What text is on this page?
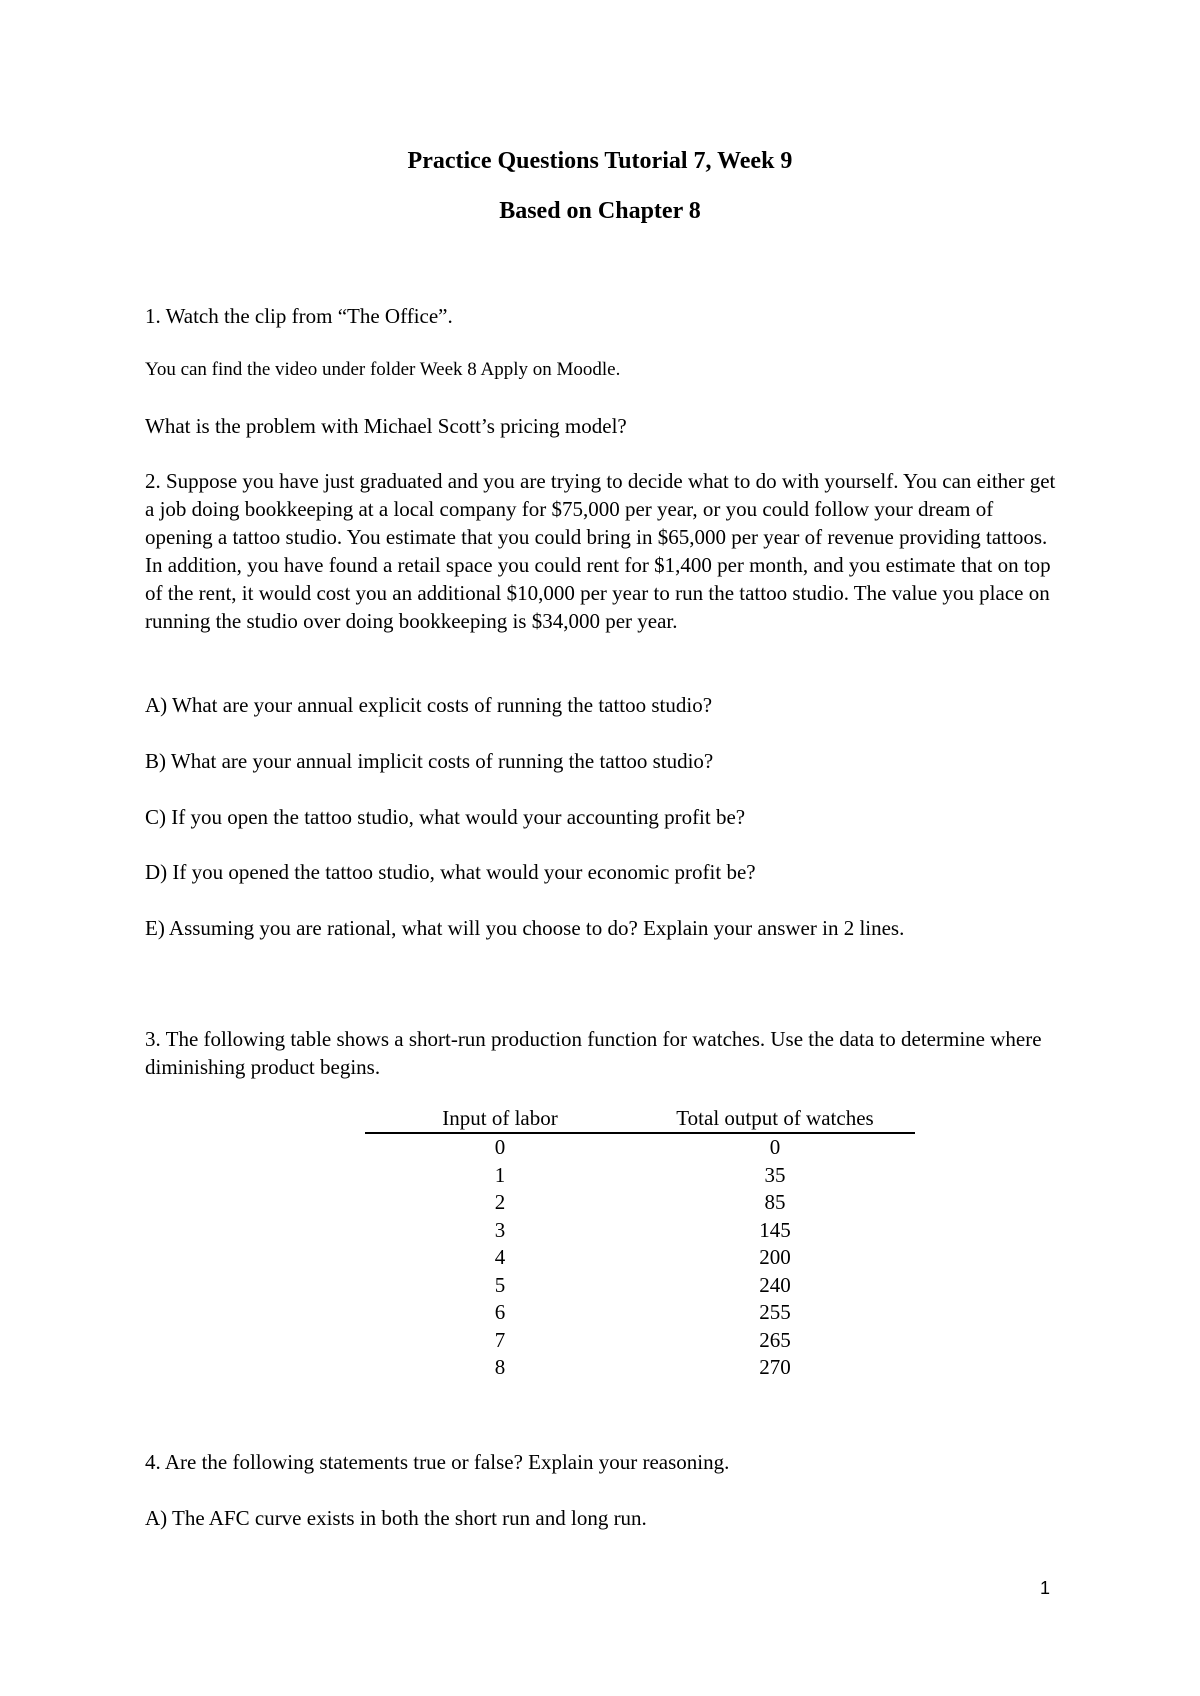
Practice Questions Tutorial 7, Week 9
Based on Chapter 8

1. Watch the clip from “The Office”.

You can find the video under folder Week 8 Apply on Moodle.

What is the problem with Michael Scott’s pricing model?

2. Suppose you have just graduated and you are trying to decide what to do with yourself. You can either get a job doing bookkeeping at a local company for $75,000 per year, or you could follow your dream of opening a tattoo studio. You estimate that you could bring in $65,000 per year of revenue providing tattoos. In addition, you have found a retail space you could rent for $1,400 per month, and you estimate that on top of the rent, it would cost you an additional $10,000 per year to run the tattoo studio. The value you place on running the studio over doing bookkeeping is $34,000 per year.

A) What are your annual explicit costs of running the tattoo studio?

B) What are your annual implicit costs of running the tattoo studio?

C) If you open the tattoo studio, what would your accounting profit be?

D) If you opened the tattoo studio, what would your economic profit be?

E) Assuming you are rational, what will you choose to do? Explain your answer in 2 lines.

3. The following table shows a short-run production function for watches. Use the data to determine where diminishing product begins.

Input of labor	Total output of watches
0	0
1	35
2	85
3	145
4	200
5	240
6	255
7	265
8	270

4. Are the following statements true or false? Explain your reasoning.

A) The AFC curve exists in both the short run and long run.

1
